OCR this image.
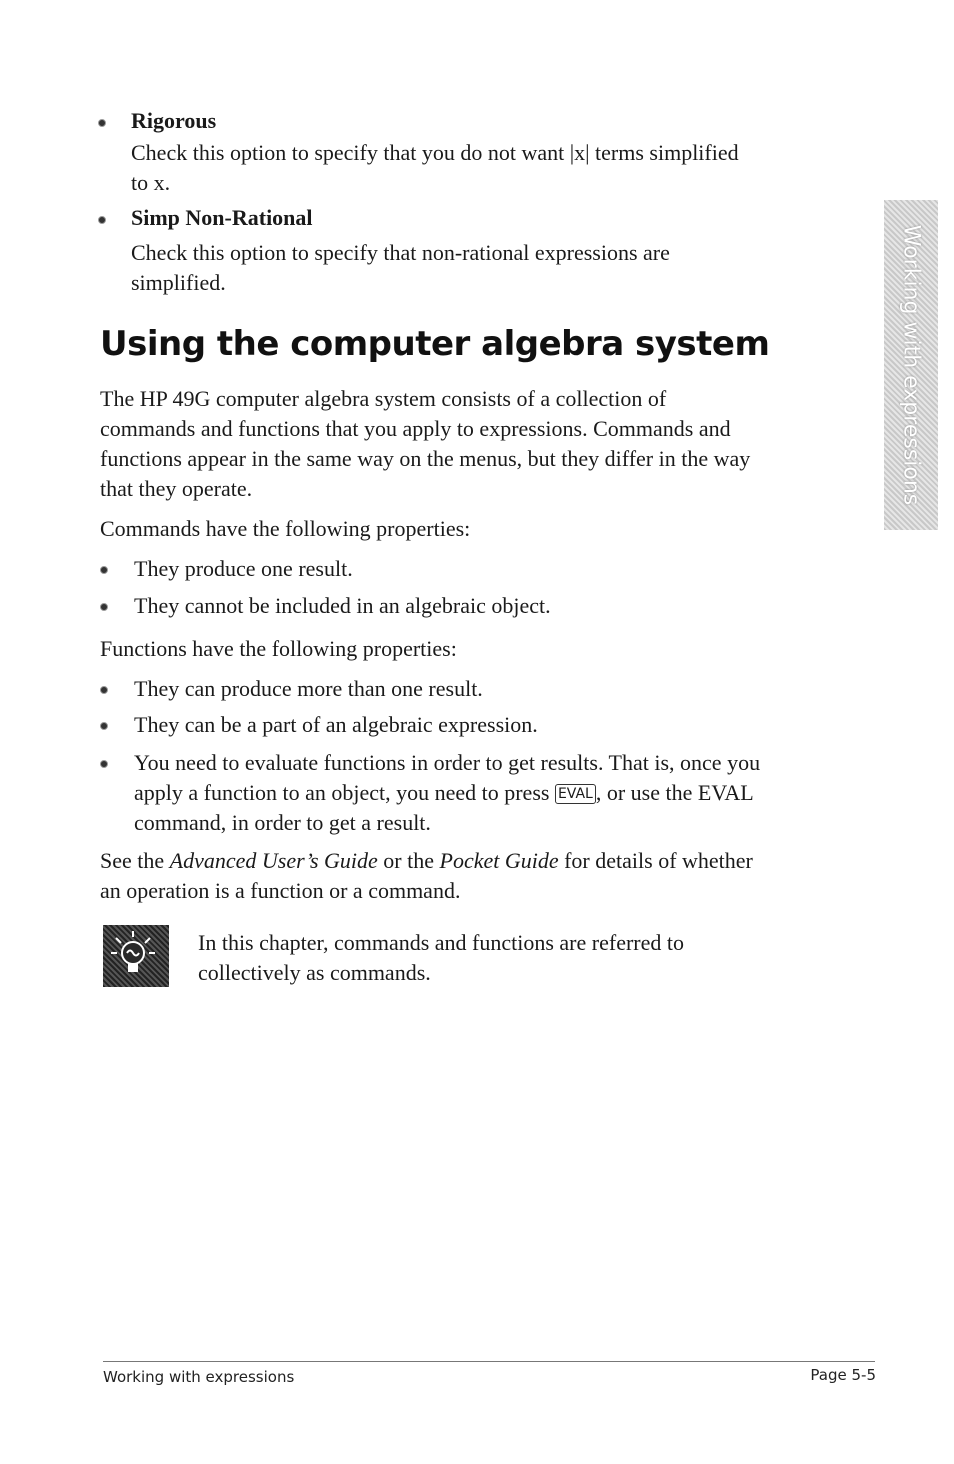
Rigorous
Check this option to specify that you do not want |x| terms simplified
to x.
Simp Non-Rational
Check this option to specify that non-rational expressions are
simplified.
Using the computer algebra system
The HP 49G computer algebra system consists of a collection of
commands and functions that you apply to expressions. Commands and
functions appear in the same way on the menus, but they differ in the way
that they operate.
Commands have the following properties:
They produce one result.
They cannot be included in an algebraic object.
Functions have the following properties:
They can produce more than one result.
They can be a part of an algebraic expression.
You need to evaluate functions in order to get results. That is, once you
apply a function to an object, you need to press EVAL , or use the EVAL
command, in order to get a result.
See the Advanced User’s Guide or the Pocket Guide for details of whether
an operation is a function or a command.
In this chapter, commands and functions are referred to
collectively as commands.
Working with expressions
Working with expressions	Page 5-5
